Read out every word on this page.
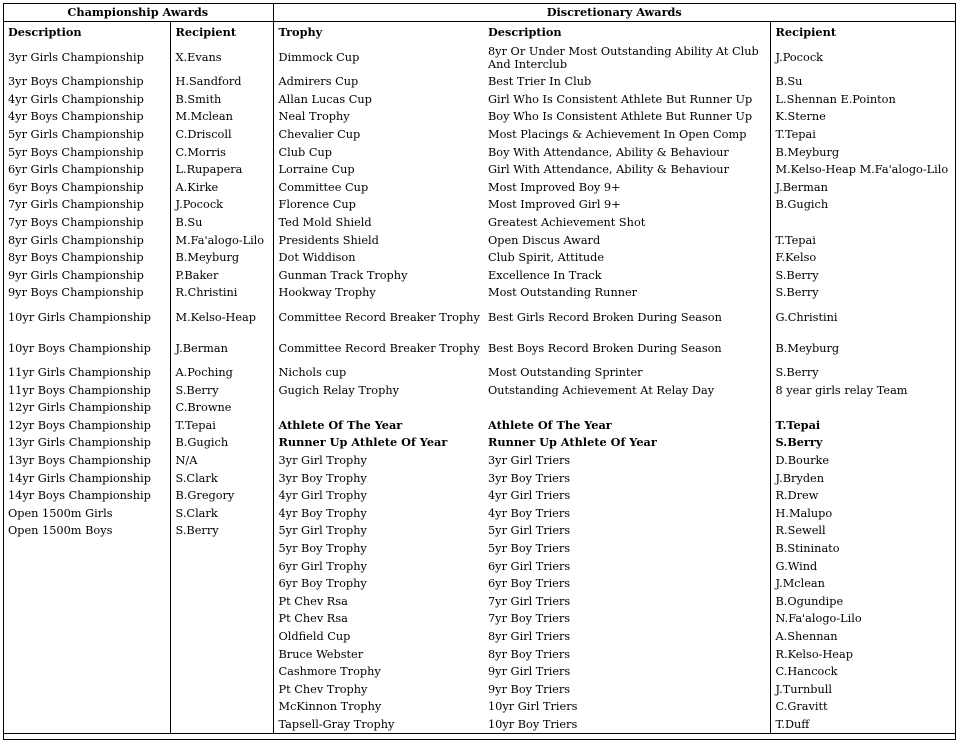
Championship Awards		Discretionary Awards		
Description	Recipient	Trophy	Description	Recipient
3yr Girls Championship	X.Evans	Dimmock Cup	8yr Or Under Most Outstanding Ability At Club And Interclub	J.Pocock
3yr Boys Championship	H.Sandford	Admirers Cup	Best Trier In Club	B.Su
4yr Girls Championship	B.Smith	Allan Lucas Cup	Girl Who Is Consistent Athlete But Runner Up	L.Shennan E.Pointon
4yr Boys Championship	M.Mclean	Neal Trophy	Boy Who Is Consistent Athlete But Runner Up	K.Sterne
5yr Girls Championship	C.Driscoll	Chevalier Cup	Most Placings & Achievement In Open Comp	T.Tepai
5yr Boys Championship	C.Morris	Club Cup	Boy With Attendance, Ability & Behaviour	B.Meyburg
6yr Girls Championship	L.Rupapera	Lorraine Cup	Girl With Attendance, Ability & Behaviour	M.Kelso-Heap M.Fa'alogo-Lilo
6yr Boys Championship	A.Kirke	Committee Cup	Most Improved Boy 9+	J.Berman
7yr Girls Championship	J.Pocock	Florence Cup	Most Improved Girl 9+	B.Gugich
7yr Boys Championship	B.Su	Ted Mold Shield	Greatest Achievement Shot	
8yr Girls Championship	M.Fa'alogo-Lilo	Presidents Shield	Open Discus Award	T.Tepai
8yr Boys Championship	B.Meyburg	Dot Widdison	Club Spirit, Attitude	F.Kelso
9yr Girls Championship	P.Baker	Gunman Track Trophy	Excellence In Track	S.Berry
9yr Boys Championship	R.Christini	Hookway Trophy	Most Outstanding Runner	S.Berry
10yr Girls Championship	M.Kelso-Heap	Committee Record Breaker Trophy	Best Girls Record Broken During Season	G.Christini
10yr Boys Championship	J.Berman	Committee Record Breaker Trophy	Best Boys Record Broken During Season	B.Meyburg
11yr Girls Championship	A.Poching	Nichols cup	Most Outstanding Sprinter	S.Berry
11yr Boys Championship	S.Berry	Gugich Relay Trophy	Outstanding Achievement At Relay Day	8 year girls relay Team
12yr Girls Championship	C.Browne			
12yr Boys Championship	T.Tepai	Athlete Of The Year	Athlete Of The Year	T.Tepai
13yr Girls Championship	B.Gugich	Runner Up Athlete Of Year	Runner Up Athlete Of Year	S.Berry
13yr Boys Championship	N/A	3yr Girl Trophy	3yr Girl Triers	D.Bourke
14yr Girls Championship	S.Clark	3yr Boy Trophy	3yr Boy Triers	J.Bryden
14yr Boys Championship	B.Gregory	4yr Girl Trophy	4yr Girl Triers	R.Drew
Open 1500m Girls	S.Clark	4yr Boy Trophy	4yr Boy Triers	H.Malupo
Open 1500m Boys	S.Berry	5yr Girl Trophy	5yr Girl Triers	R.Sewell
		5yr Boy Trophy	5yr Boy Triers	B.Stininato
		6yr Girl Trophy	6yr Girl Triers	G.Wind
		6yr Boy Trophy	6yr Boy Triers	J.Mclean
		Pt Chev Rsa	7yr Girl Triers	B.Ogundipe
		Pt Chev Rsa	7yr Boy Triers	N.Fa'alogo-Lilo
		Oldfield Cup	8yr Girl Triers	A.Shennan
		Bruce Webster	8yr Boy Triers	R.Kelso-Heap
		Cashmore Trophy	9yr Girl Triers	C.Hancock
		Pt Chev Trophy	9yr Boy Triers	J.Turnbull
		McKinnon Trophy	10yr Girl Triers	C.Gravitt
		Tapsell-Gray Trophy	10yr Boy Triers	T.Duff
